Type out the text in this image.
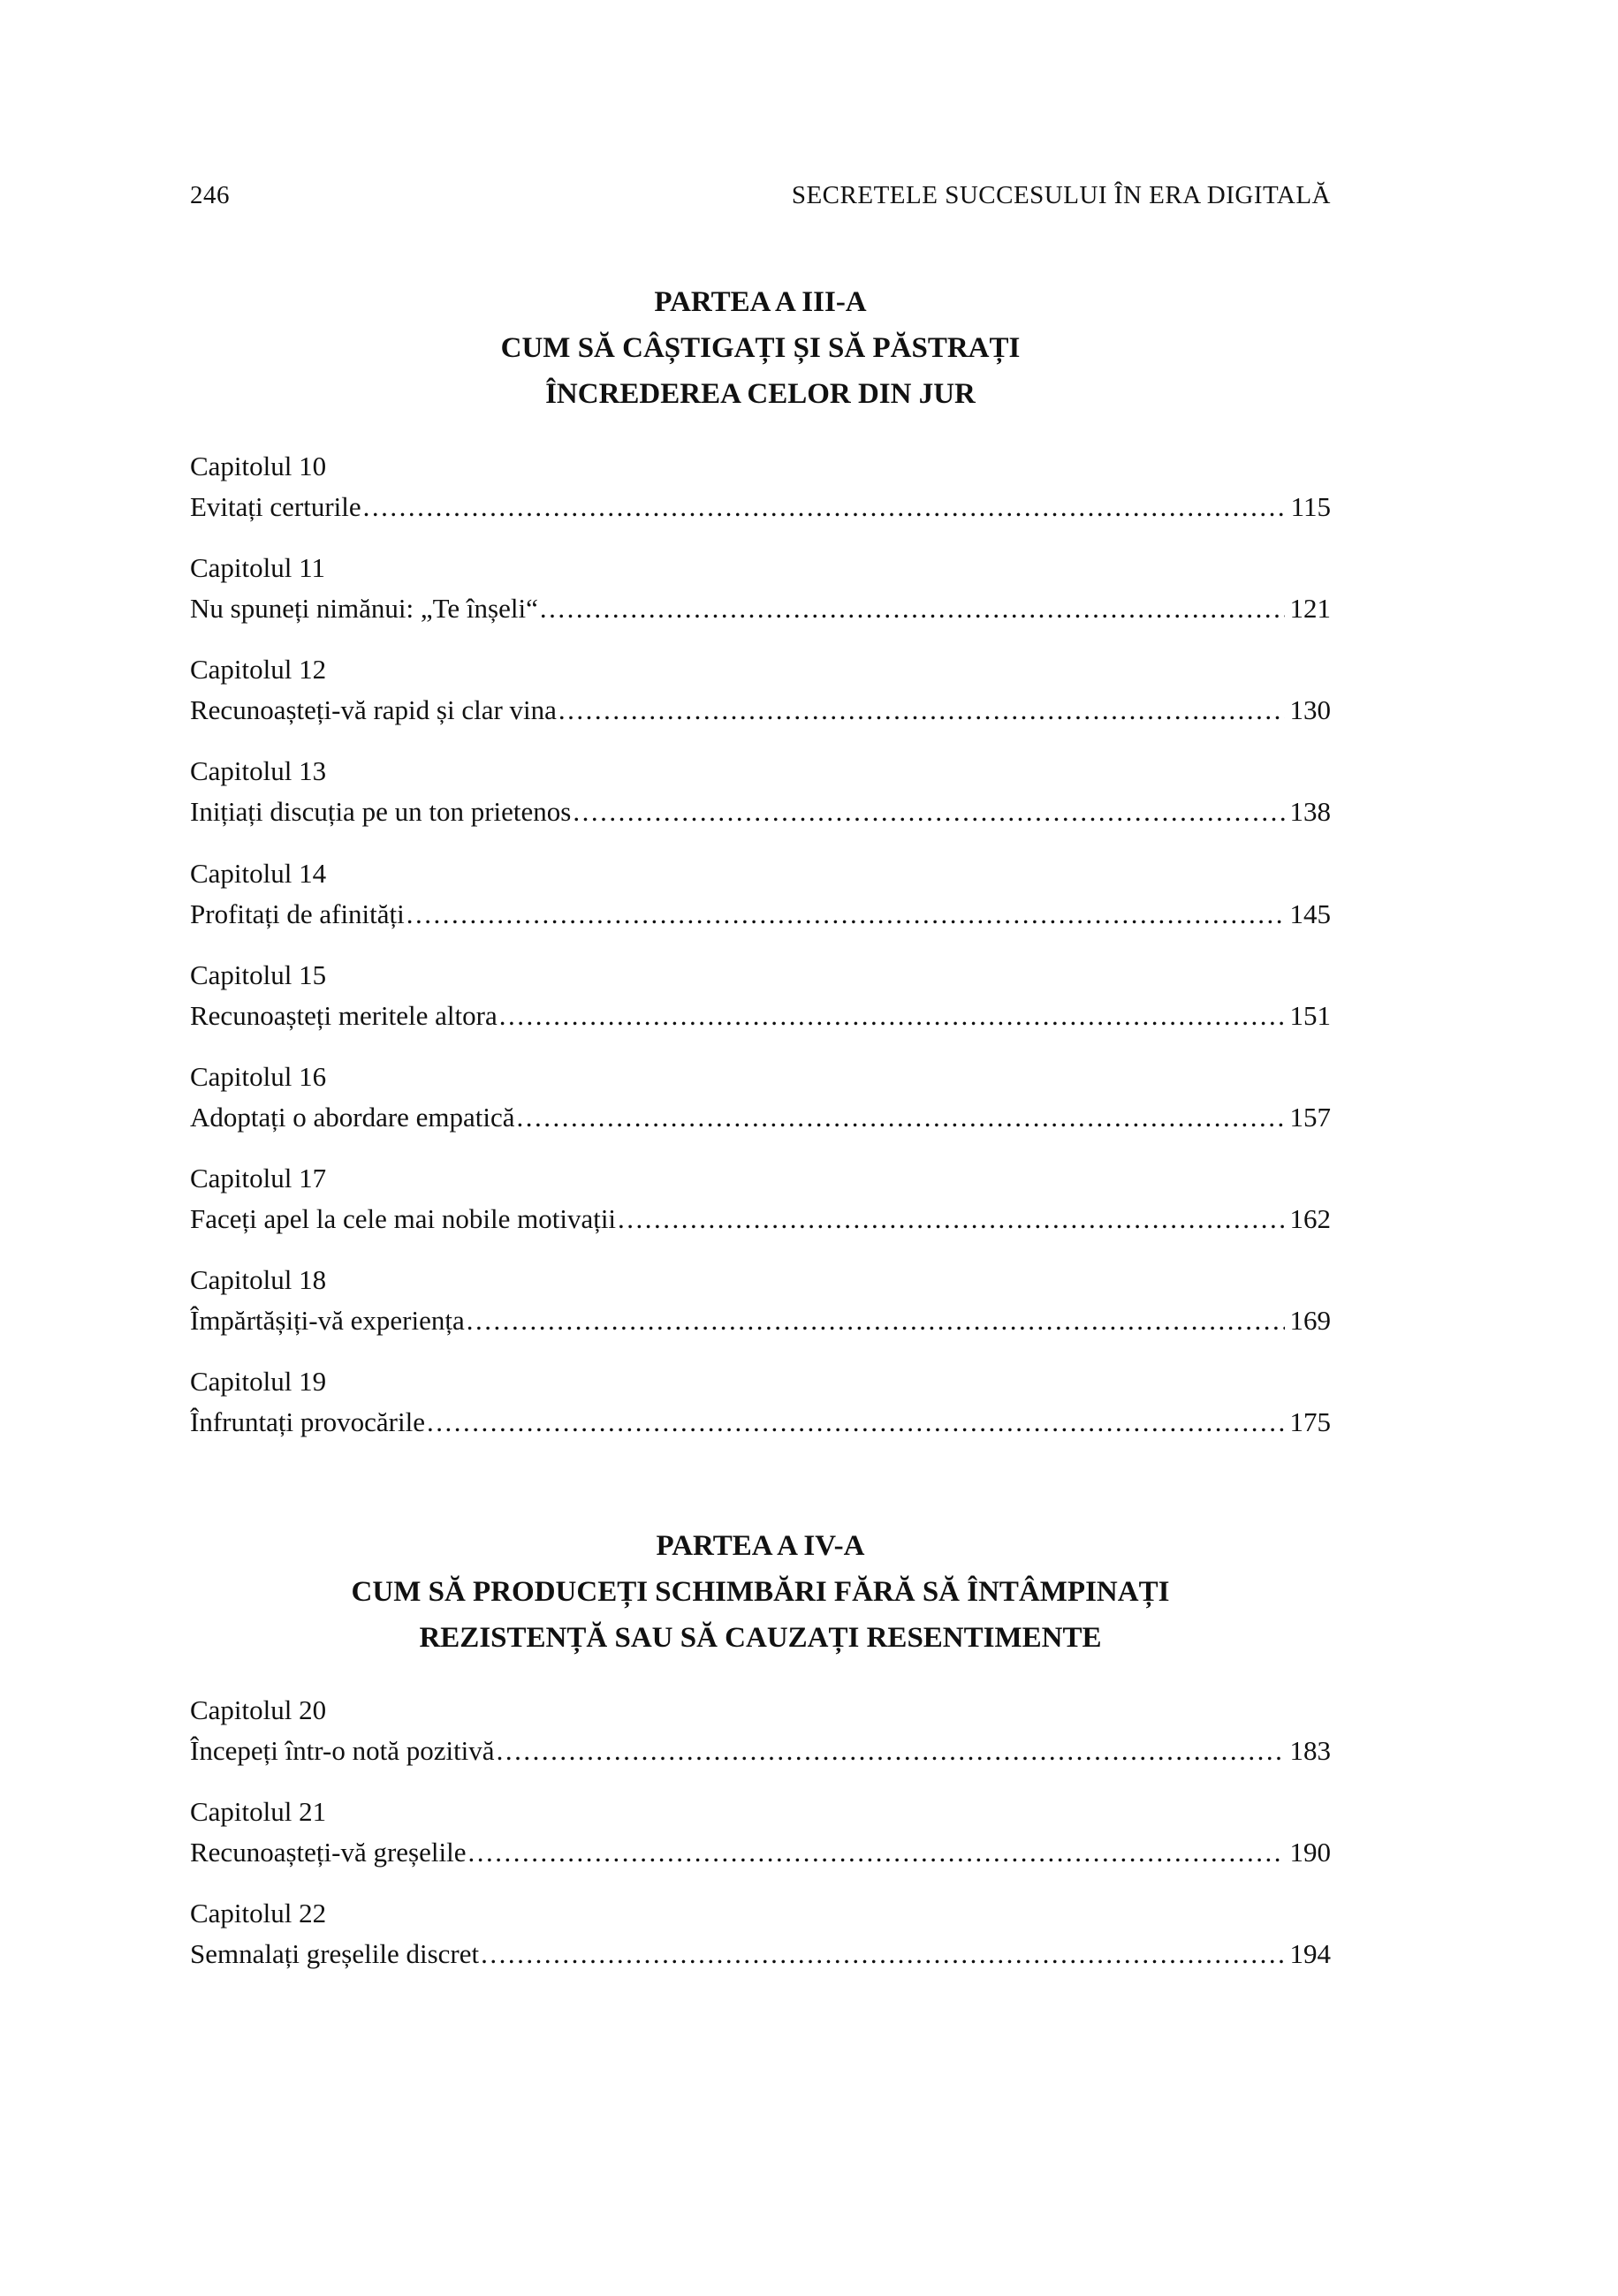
246	SECRETELE SUCCESULUI ÎN ERA DIGITALĂ
PARTEA A III-A
CUM SĂ CÂȘTIGAȚI ȘI SĂ PĂSTRAȚI
ÎNCREDEREA CELOR DIN JUR
Capitolul 10
Evitați certurile .....	115
Capitolul 11
Nu spuneți nimănui: „Te înșeli“ .....	121
Capitolul 12
Recunoașteți-vă rapid și clar vina .....	130
Capitolul 13
Inițiați discuția pe un ton prietenos .....	138
Capitolul 14
Profitați de afinități .....	145
Capitolul 15
Recunoașteți meritele altora .....	151
Capitolul 16
Adoptați o abordare empatică .....	157
Capitolul 17
Faceți apel la cele mai nobile motivații .....	162
Capitolul 18
Împărtășiți-vă experiența .....	169
Capitolul 19
Înfruntați provocările .....	175
PARTEA A IV-A
CUM SĂ PRODUCEȚI SCHIMBĂRI FĂRĂ SĂ ÎNTÂMPINAȚI
REZISTENȚĂ SAU SĂ CAUZAȚI RESENTIMENTE
Capitolul 20
Începeți într-o notă pozitivă .....	183
Capitolul 21
Recunoașteți-vă greșelile .....	190
Capitolul 22
Semnalați greșelile discret .....	194
